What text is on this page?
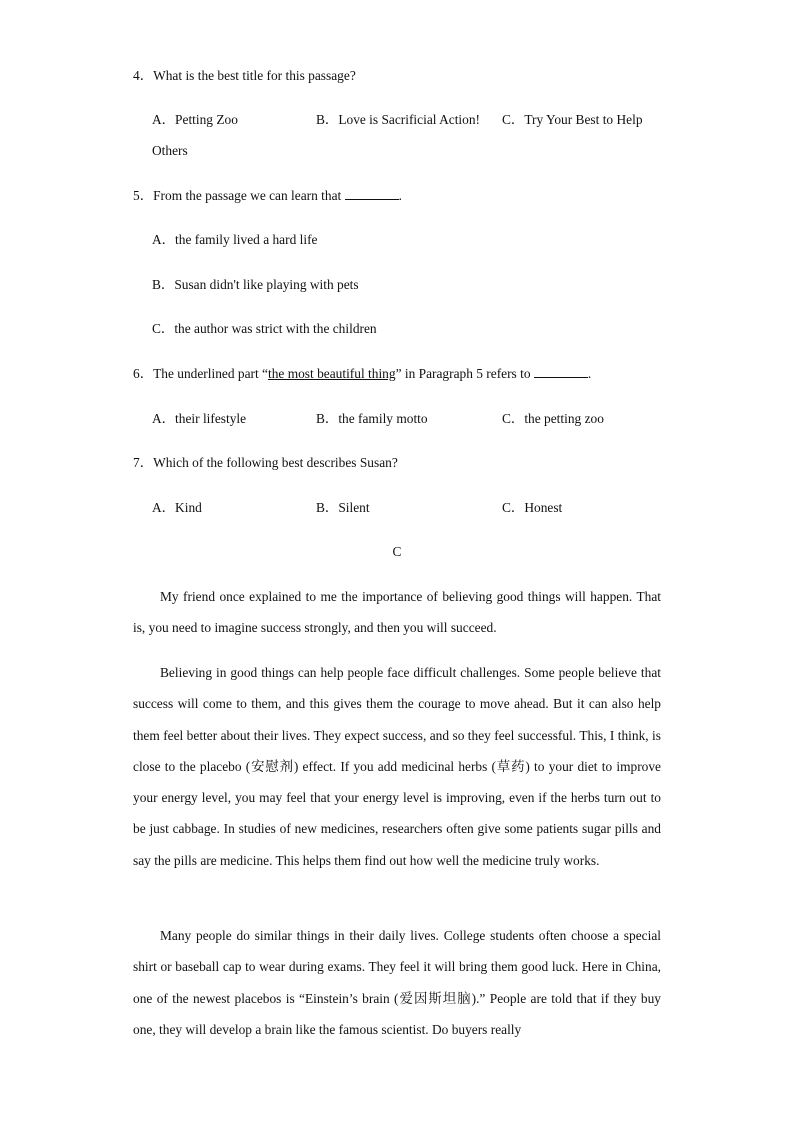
4．What is the best title for this passage?
A．Petting Zoo	B．Love is Sacrificial Action! C．Try Your Best to Help
Others
5．From the passage we can learn that	.
A．the family lived a hard life
B．Susan didn't like playing with pets
C．the author was strict with the children
6．The underlined part “the most beautiful thing” in Paragraph 5 refers to	.
A．their lifestyle	B．the family motto	C．the petting zoo
7．Which of the following best describes Susan?
A．Kind	B．Silent	C．Honest
C
My friend once explained to me the importance of believing good things will happen. That is, you need to imagine success strongly, and then you will succeed.
Believing in good things can help people face difficult challenges. Some people believe that success will come to them, and this gives them the courage to move ahead. But it can also help them feel better about their lives. They expect success, and so they feel successful. This, I think, is close to the placebo (安慰剂) effect. If you add medicinal herbs (草药) to your diet to improve your energy level, you may feel that your energy level is improving, even if the herbs turn out to be just cabbage. In studies of new medicines, researchers often give some patients sugar pills and say the pills are medicine. This helps them find out how well the medicine truly works.
Many people do similar things in their daily lives. College students often choose a special shirt or baseball cap to wear during exams. They feel it will bring them good luck. Here in China, one of the newest placebos is “Einstein’s brain (爱因斯坦脑).” People are told that if they buy one, they will develop a brain like the famous scientist. Do buyers really
